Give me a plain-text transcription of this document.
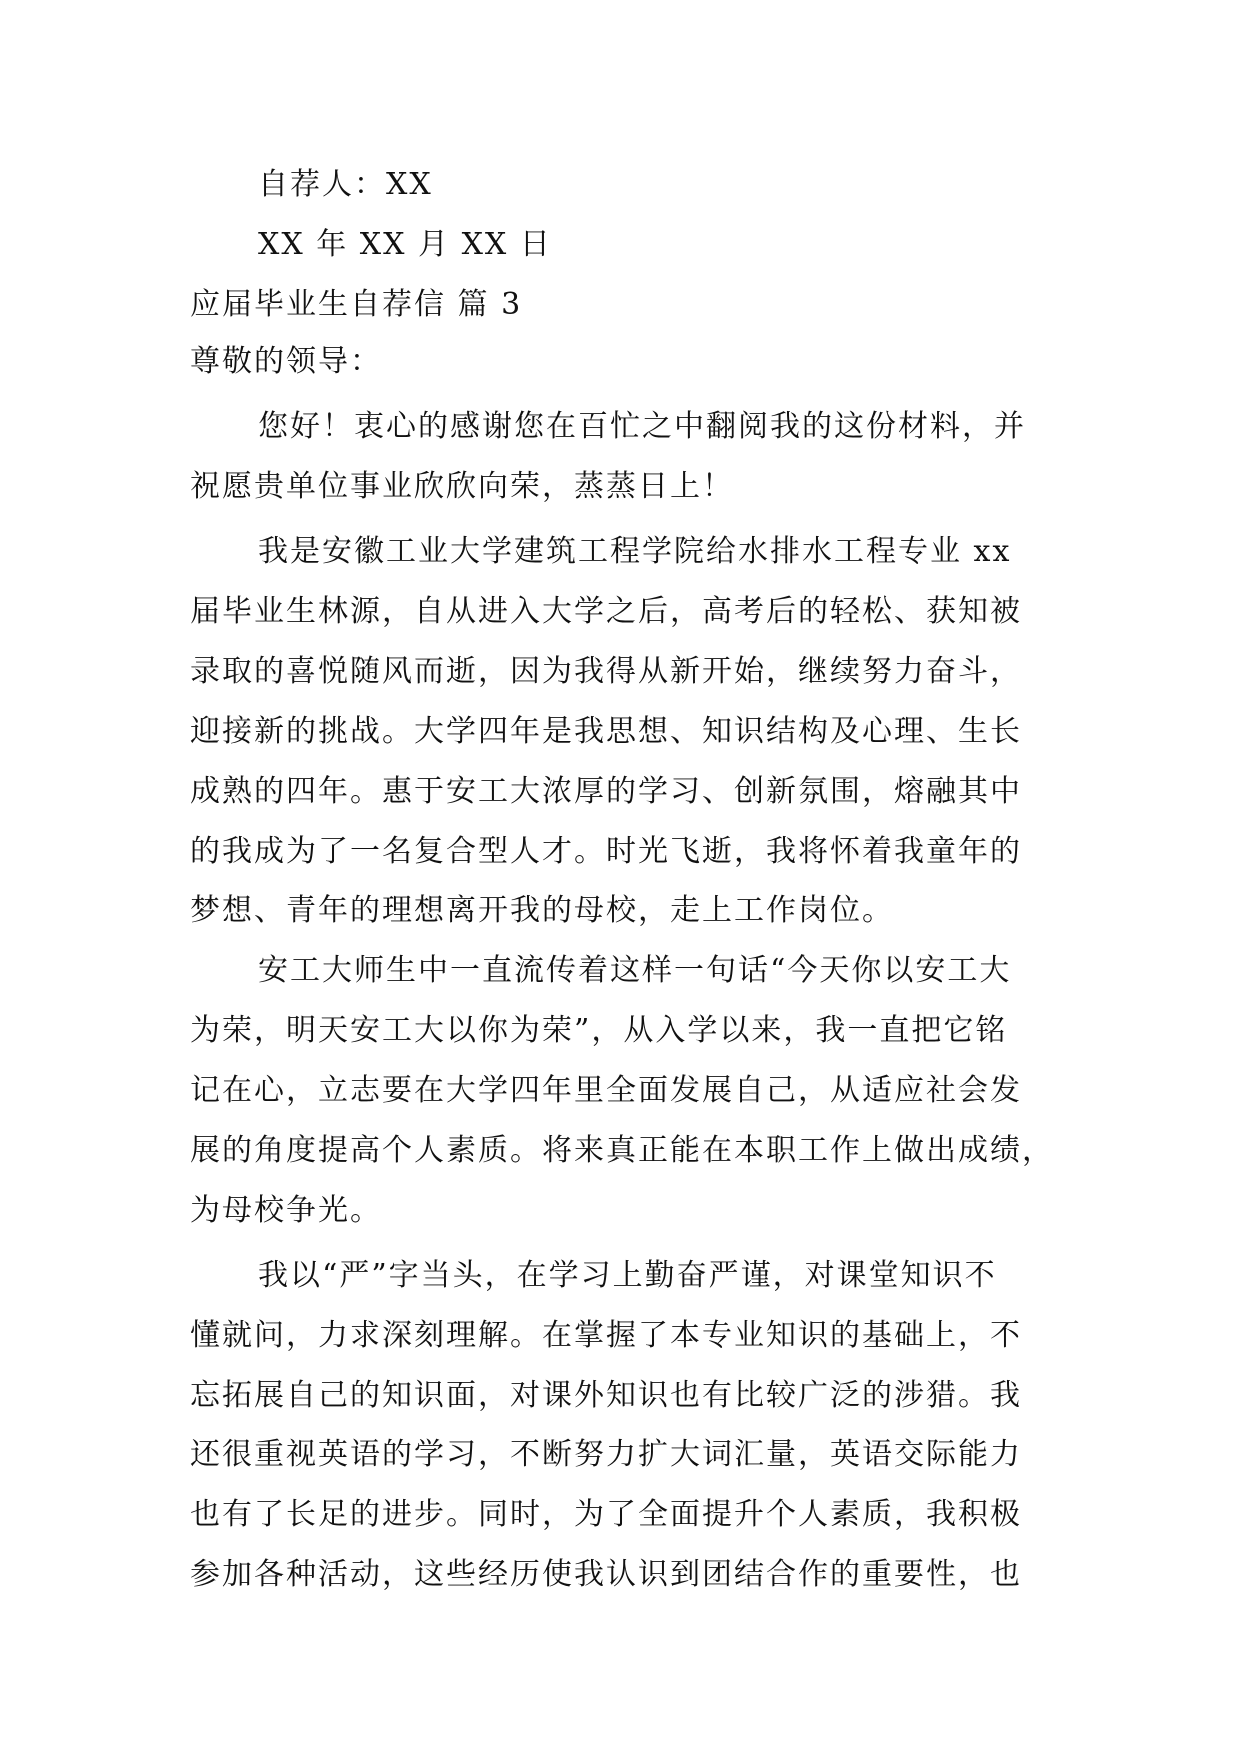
自荐人：XX
XX 年 XX 月 XX 日
应届毕业生自荐信 篇 3
尊敬的领导：
您好！衷心的感谢您在百忙之中翻阅我的这份材料，并
祝愿贵单位事业欣欣向荣，蒸蒸日上！
我是安徽工业大学建筑工程学院给水排水工程专业 xx
届毕业生林源，自从进入大学之后，高考后的轻松、获知被
录取的喜悦随风而逝，因为我得从新开始，继续努力奋斗，
迎接新的挑战。大学四年是我思想、知识结构及心理、生长
成熟的四年。惠于安工大浓厚的学习、创新氛围，熔融其中
的我成为了一名复合型人才。时光飞逝，我将怀着我童年的
梦想、青年的理想离开我的母校，走上工作岗位。
安工大师生中一直流传着这样一句话“今天你以安工大
为荣，明天安工大以你为荣”，从入学以来，我一直把它铭
记在心，立志要在大学四年里全面发展自己，从适应社会发
展的角度提高个人素质。将来真正能在本职工作上做出成绩，
为母校争光。
我以“严”字当头，在学习上勤奋严谨，对课堂知识不
懂就问，力求深刻理解。在掌握了本专业知识的基础上，不
忘拓展自己的知识面，对课外知识也有比较广泛的涉猎。我
还很重视英语的学习，不断努力扩大词汇量，英语交际能力
也有了长足的进步。同时，为了全面提升个人素质，我积极
参加各种活动，这些经历使我认识到团结合作的重要性，也
